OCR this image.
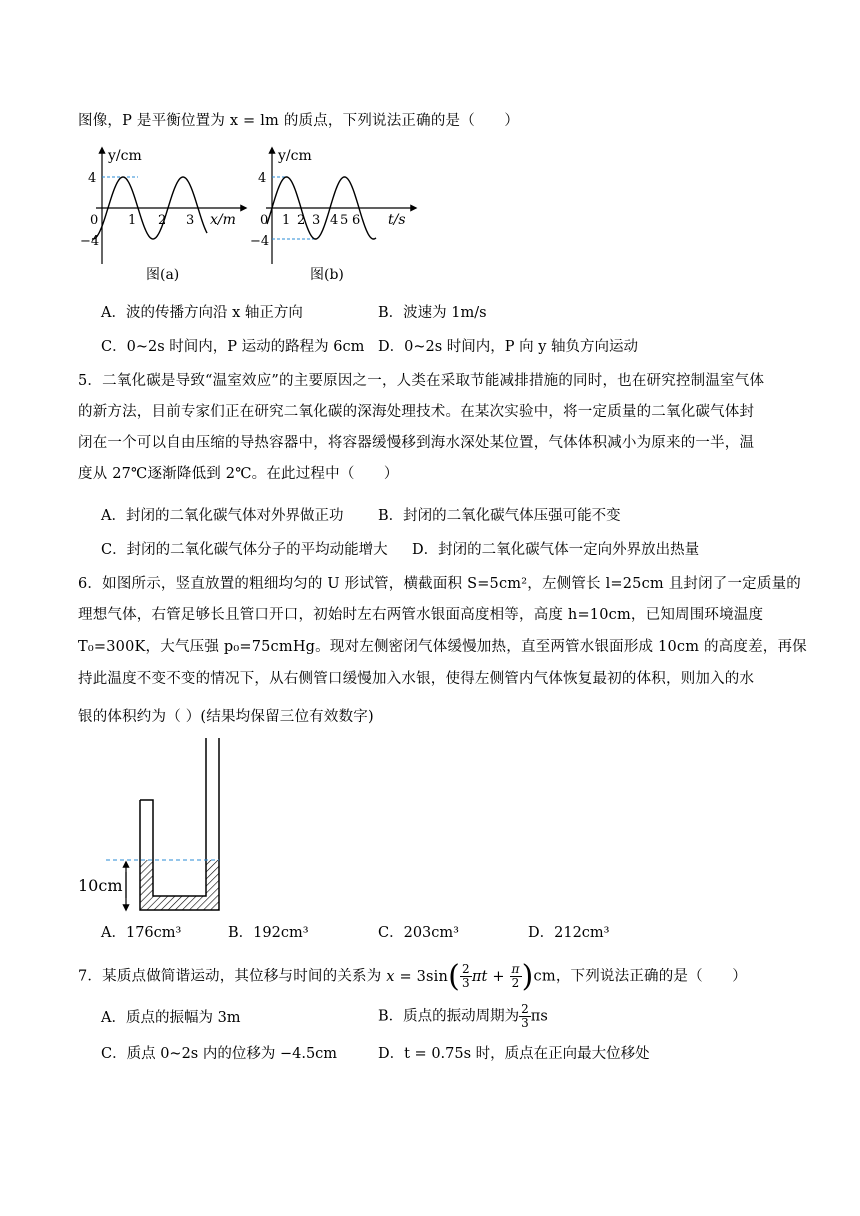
图像，P 是平衡位置为 x = lm 的质点，下列说法正确的是（　　）
y/cm
4
−4
0 1 2 3 x/m
图(a)
y/cm
4
−4
0 1 2 3 4 5 6 t/s
图(b)
A．波的传播方向沿 x 轴正方向	B．波速为 1m/s
C．0~2s 时间内，P 运动的路程为 6cm D．0~2s 时间内，P 向 y 轴负方向运动
5．二氧化碳是导致“温室效应”的主要原因之一，人类在采取节能减排措施的同时，也在研究控制温室气体
的新方法，目前专家们正在研究二氧化碳的深海处理技术。在某次实验中，将一定质量的二氧化碳气体封
闭在一个可以自由压缩的导热容器中，将容器缓慢移到海水深处某位置，气体体积减小为原来的一半，温
度从 27℃逐渐降低到 2℃。在此过程中（　　）
A．封闭的二氧化碳气体对外界做正功 B．封闭的二氧化碳气体压强可能不变
C．封闭的二氧化碳气体分子的平均动能增大 D．封闭的二氧化碳气体一定向外界放出热量
6．如图所示，竖直放置的粗细均匀的 U 形试管，横截面积 S=5cm²，左侧管长 l=25cm 且封闭了一定质量的
理想气体，右管足够长且管口开口，初始时左右两管水银面高度相等，高度 h=10cm，已知周围环境温度
T₀=300K，大气压强 p₀=75cmHg。现对左侧密闭气体缓慢加热，直至两管水银面形成 10cm 的高度差，再保
持此温度不变不变的情况下，从右侧管口缓慢加入水银，使得左侧管内气体恢复最初的体积，则加入的水
银的体积约为（ ）(结果均保留三位有效数字)
10cm
A．176cm³	B．192cm³	C．203cm³	D．212cm³
7．某质点做简谐运动，其位移与时间的关系为 $x = 3\sin( \frac{2}{3}$ $\pi t + \frac{\pi}{2} )cm$，下列说法正确的是（　　）
A．质点的振幅为 3m	B．质点的振动周期为 $\frac{2}{3}$ πs
C．质点 0~2s 内的位移为 −4.5cm	D．t = 0.75s 时，质点在正向最大位移处
